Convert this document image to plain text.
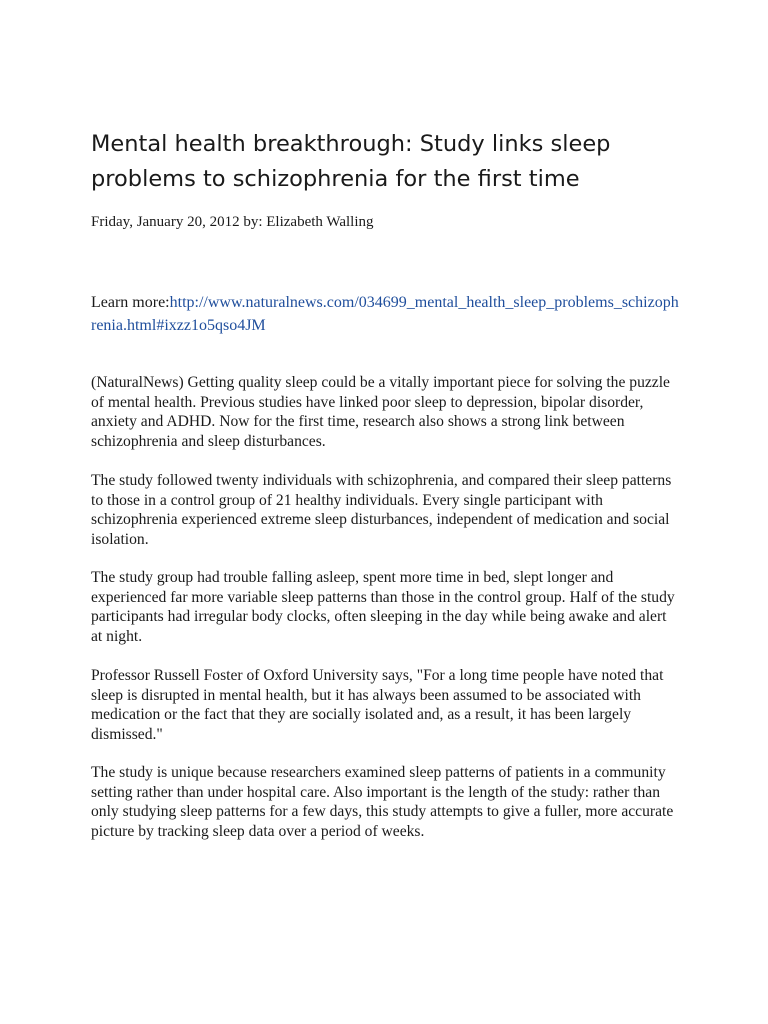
Mental health breakthrough: Study links sleep problems to schizophrenia for the first time

Friday, January 20, 2012 by: Elizabeth Walling

Learn more:http://www.naturalnews.com/034699_mental_health_sleep_problems_schizophrenia.html#ixzz1o5qso4JM

(NaturalNews) Getting quality sleep could be a vitally important piece for solving the puzzle of mental health. Previous studies have linked poor sleep to depression, bipolar disorder, anxiety and ADHD. Now for the first time, research also shows a strong link between schizophrenia and sleep disturbances.

The study followed twenty individuals with schizophrenia, and compared their sleep patterns to those in a control group of 21 healthy individuals. Every single participant with schizophrenia experienced extreme sleep disturbances, independent of medication and social isolation.

The study group had trouble falling asleep, spent more time in bed, slept longer and experienced far more variable sleep patterns than those in the control group. Half of the study participants had irregular body clocks, often sleeping in the day while being awake and alert at night.

Professor Russell Foster of Oxford University says, "For a long time people have noted that sleep is disrupted in mental health, but it has always been assumed to be associated with medication or the fact that they are socially isolated and, as a result, it has been largely dismissed."

The study is unique because researchers examined sleep patterns of patients in a community setting rather than under hospital care. Also important is the length of the study: rather than only studying sleep patterns for a few days, this study attempts to give a fuller, more accurate picture by tracking sleep data over a period of weeks.
